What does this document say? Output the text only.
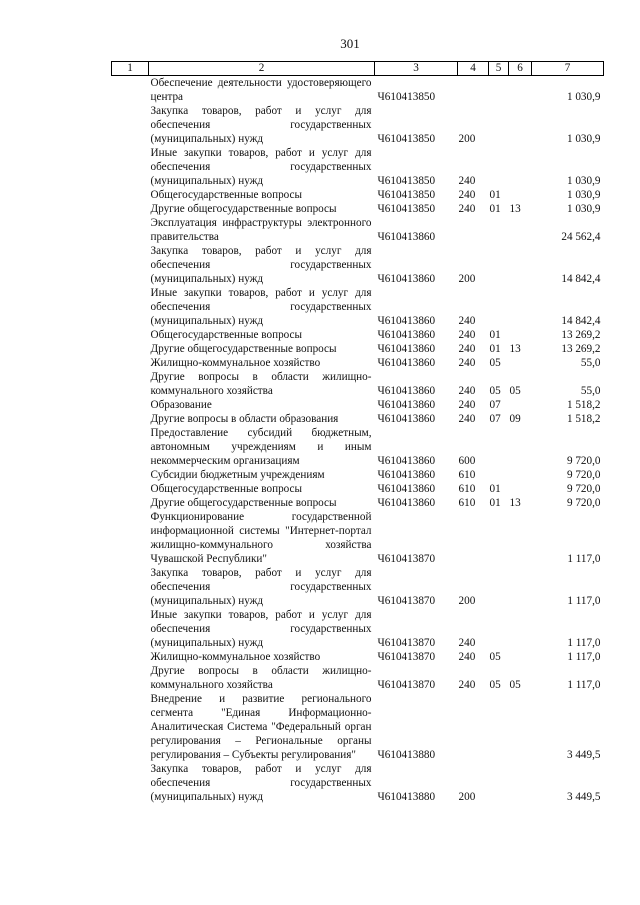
301
1	2	3	4	5	6	7
	Обеспечение деятельности удостоверяющего центра	Ч610413850				1 030,9
	Закупка товаров, работ и услуг для обеспечения государственных (муниципальных) нужд	Ч610413850	200			1 030,9
	Иные закупки товаров, работ и услуг для обеспечения государственных (муниципальных) нужд	Ч610413850	240			1 030,9
	Общегосударственные вопросы	Ч610413850	240	01		1 030,9
	Другие общегосударственные вопросы	Ч610413850	240	01	13	1 030,9
	Эксплуатация инфраструктуры электронного правительства	Ч610413860				24 562,4
	Закупка товаров, работ и услуг для обеспечения государственных (муниципальных) нужд	Ч610413860	200			14 842,4
	Иные закупки товаров, работ и услуг для обеспечения государственных (муниципальных) нужд	Ч610413860	240			14 842,4
	Общегосударственные вопросы	Ч610413860	240	01		13 269,2
	Другие общегосударственные вопросы	Ч610413860	240	01	13	13 269,2
	Жилищно-коммунальное хозяйство	Ч610413860	240	05		55,0
	Другие вопросы в области жилищно-коммунального хозяйства	Ч610413860	240	05	05	55,0
	Образование	Ч610413860	240	07		1 518,2
	Другие вопросы в области образования	Ч610413860	240	07	09	1 518,2
	Предоставление субсидий бюджетным, автономным учреждениям и иным некоммерческим организациям	Ч610413860	600			9 720,0
	Субсидии бюджетным учреждениям	Ч610413860	610			9 720,0
	Общегосударственные вопросы	Ч610413860	610	01		9 720,0
	Другие общегосударственные вопросы	Ч610413860	610	01	13	9 720,0
	Функционирование государственной информационной системы "Интернет-портал жилищно-коммунального хозяйства Чувашской Республики"	Ч610413870				1 117,0
	Закупка товаров, работ и услуг для обеспечения государственных (муниципальных) нужд	Ч610413870	200			1 117,0
	Иные закупки товаров, работ и услуг для обеспечения государственных (муниципальных) нужд	Ч610413870	240			1 117,0
	Жилищно-коммунальное хозяйство	Ч610413870	240	05		1 117,0
	Другие вопросы в области жилищно-коммунального хозяйства	Ч610413870	240	05	05	1 117,0
	Внедрение и развитие регионального сегмента "Единая Информационно-Аналитическая Система "Федеральный орган регулирования – Региональные органы регулирования – Субъекты регулирования"	Ч610413880				3 449,5
	Закупка товаров, работ и услуг для обеспечения государственных (муниципальных) нужд	Ч610413880	200			3 449,5
